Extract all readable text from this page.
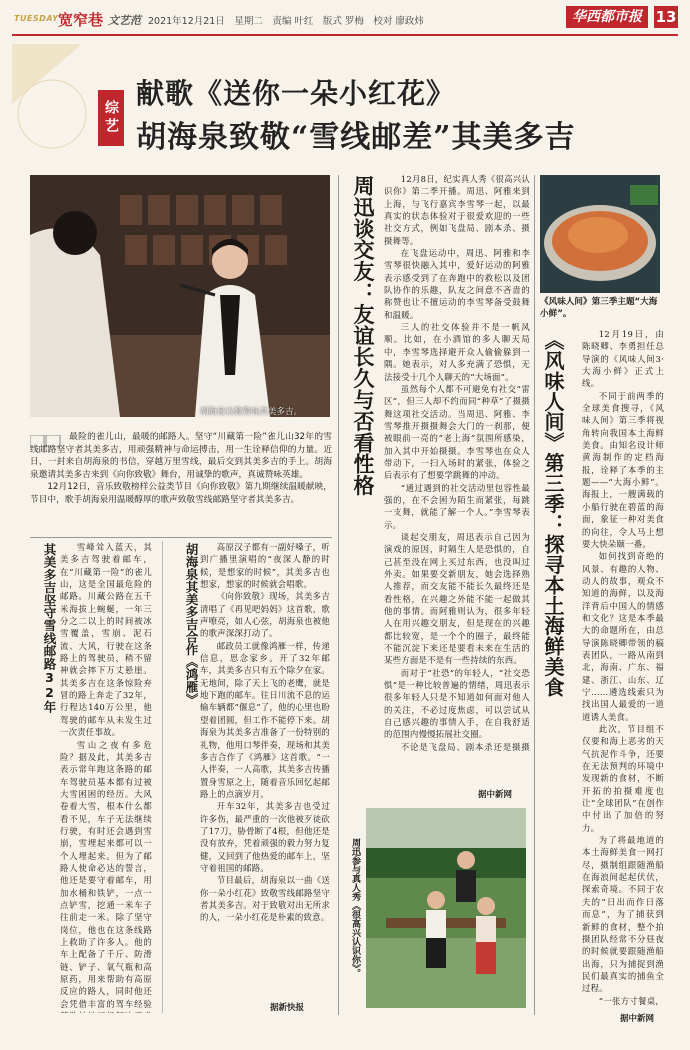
TUESDAY 宽窄巷 文艺范 2021年12月21日　星期二　责编 叶红　版式 罗梅　校对 廖政炜	华西都市报 13
综艺
献歌《送你一朵小红花》
胡海泉致敬“雪线邮差”其美多吉
胡海泉以歌赞咏其美多吉。

最险的雀儿山，最暖的邮路人。坚守“川藏第一险”雀儿山32年的雪线邮路坚守者其美多吉，用顽强精神与命运搏击，用一生诠释信仰的力量。近日，一封来自胡海泉的书信，穿越万里雪线，最后交到其美多吉的手上。胡海泉邀请其美多吉来到《向你致敬》舞台，用诚挚的歌声，真诚赞咏英雄。

12月12日，音乐致敬榜样公益类节目《向你致敬》第九期继续温暖献映，节目中，歌手胡海泉用温暖醇厚的歌声致敬雪线邮路坚守者其美多吉。

其美多吉坚守雪线邮路32年	雪峰耸入蓝天，其美多吉驾驶着邮车，在“川藏第一险”的雀儿山，这是全国最危险的邮路。川藏公路在五千米海拔上蜿蜒，一年三分之二以上的时间被冰雪覆盖，雪崩、泥石流、大风，行驶在这条路上的驾驶员，稍不留神就会摔下万丈悬崖。其美多吉在这条惊险弃冒的路上奔走了32年，行程达140万公里，他驾驶的邮车从未发生过一次责任事故。

雪山之夜有多危险？据及此，其美多吉表示常年跑这条路的邮车驾驶员基本都有过被大雪困困的经历。大风卷着大雪，根本什么都看不见，车子无法继续行驶，有时还会遇到雪崩，雪埋起来都可以一个人埋起来。但为了邮路人使命必达的誓言，他还是要守着邮车，用加水桶和铁铲，一点一点铲雪，挖通一米车子往前走一米。除了坚守岗位，他也在这条线路上救助了许多人。他的车上配备了千斤、防滑链、铲子、氧气瓶和高原药，用来帮助有高原反应的路人，同时他还会凭借丰富的驾车经验

胡海泉其美多吉合作《鸿雁》	高原汉子都有一副好嗓子，听到广播里演唱的“夜深人静的时候，是想家的时候”，其美多吉也想家，想家的时候就会唱歌。

《向你致敬》现场，其美多吉清唱了《再见吧妈妈》这首歌，歌声嘹亮，如人心弦，胡海泉也被他的歌声深深打动了。

邮政员工就像鸿雁一样，传递信息，思念家乡。开了32年邮车，其美多吉只有五个除夕在家。无地间，除了天上飞的老鹰，就是地下跑的邮车。往日川流不息的运输车辆都“偃息”了，他的心里也盼望着团圆，但工作不能停下来。胡海泉为其美多吉准备了一份特别的礼物，他用口琴伴奏，现场和其美多吉合作了《鸿雁》这首歌。“一人伴奏，一人高歌，其美多吉传播置身雪原之上，随着音乐回忆起邮路上的点滴岁月。

开车32年，其美多吉也受过许多伤，最严重的一次他被歹徒砍了17刀，胁骨断了4根，但他还是没有放弃，凭着顽强的毅力努力复健，又回到了他热爱的邮车上，坚守着祖国的邮路。

节目最后，胡海泉以一曲《送你一朵小红花》致敬雪线邮路坚守者其美多吉。对于致敬对出无所求的人，一朵小红花是朴素的致意。

据新快报
周迅谈交友：友谊长久与否看性格	12月8日，纪实真人秀《很高兴认识你》第二季开播。周迅、阿雅来到上海，与飞行嘉宾李雪琴一起，以最真实的状态体验对于很爱欢迎的一些社交方式，例如飞盘局、剧本杀、摄摄舞等。

在飞盘运动中，周迅、阿雅和李雪琴很快融入其中，爱好运动的阿雅表示感受到了在奔跑中的救松以及团队协作的乐趣，队友之间意不吝啬的称赞也让不擅运动的李雪琴备受鼓舞和温暖。

三人的社交体验并不是一帆风顺。比如，在小酒馆的多人聊天局中，李雪琴选择避开众人偷偷躲到一隅。她表示，对人多充满了恐惧，无法接受十几个人聊天的“大场面”。

虽然每个人都不可避免有社交“雷区”，但三人却不约而同“种草”了摄摄舞这项社交活动。当周迅、阿雅、李雪琴推开摄摄舞会大门的一刹那，便被眼前一亮的“老上海”氛围所感染，加入其中开始摄摄。李雪琴也在众人带动下，一扫入场时的紧张，体验之后表示有了想要学跳舞的冲动。

“通过遇到的社交活动里包容性最强的，在不会困为陌生而紧张，每跳一支舞，就能了解一个人。”李雪琴表示。

谈起交朋友，周迅表示自己因为演戏的原因，时隔生人是恐惧的，自己甚至没在网上买过东西，也没叫过外卖。如果要交新朋友，她会选择熟人推荐，而交友能不能长久最终还是看性格，在兴趣之外能不能一起做其他的事情。而阿雅则认为，很多年轻人在用兴趣交朋友，但是现在的兴趣都比较宽，是一个个的圈子，最终能不能沉淀下来还是要看未来在生活的某些方面是不是有一些持续的东西。

而对于“社恐”的年轻人，“社交恐惧”是一种比较普遍的情绪，周迅表示很多年轻人只是不知道如何面对他人的关注，不必过度焦虑，可以尝试从自己感兴趣的事情入手，在自我舒适的范围内慢慢拓展社交圈。

不论是飞盘局、剧本杀还是摄摄

据中新网
周迅参与真人秀《很高兴认识你》。
《风味人间》第三季主题“大海小鲜”。
《风味人间》第三季：探寻本土海鲜美食	12月19日，由陈晓卿、李勇担任总导演的《风味人间3·大海小鲜》正式上线。

不同于前两季的全球美食搜寻，《风味人间》第三季将视角转向我国本土海鲜美食。由知名设计师黄海制作的定档海报，诠释了本季的主题——“大海小鲜”。海报上，一艘满载的小船行驶在碧蓝的海面，象征一种对美食的向往，令人马上想要大快朵颐一番。

如何找到奇绝的风景、有趣的人物、动人的故事，观众不知道的海鲜，以及海洋背后中国人的情感和文化？这是本季最大的命题所在，由总导演陈晓卿带领的稿表团队，一路从南到北，海南、广东、福建、浙江、山东、辽宁……遴选线索只为找出国人最爱的一道道诱人美食。

此次，节目组不仅要和海上恶劣的天气抗泥作斗争，还要在无法预判的环境中发现新的食材，不断开拓的拍摄难度也让“全球团队”在创作中付出了加倍的努力。

为了将最地道的本土海鲜美食一网打尽，摄制组跟随渔船在海浪间起起伏伏，探索奇境。不同于农夫的“日出而作日落而息”，为了捕获到新鲜的食材，整个拍摄团队经常不分昼夜的时候就要跟随渔船出海，只为捕捉到渔民们最真实的捕鱼全过程。

“一张方寸餐桌，

据中新网
